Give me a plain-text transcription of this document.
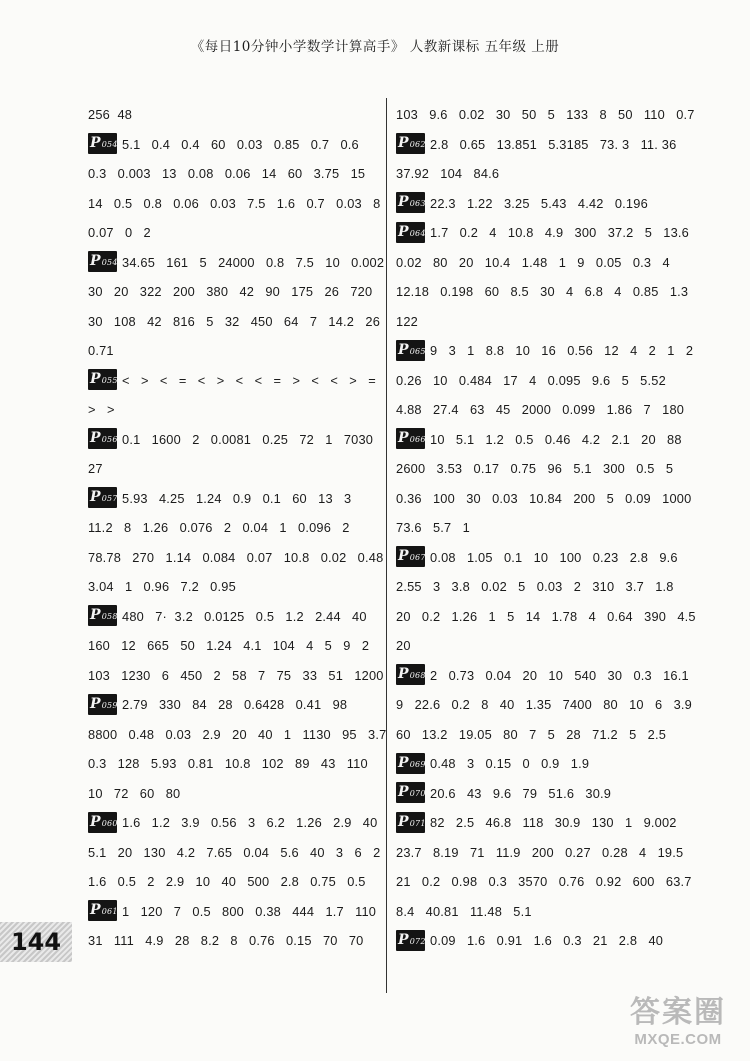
《每日10分钟小学数学计算高手》 人教新课标 五年级 上册
256  48
P054 5.1   0.4   0.4   60   0.03   0.85   0.7   0.6
0.3   0.003   13   0.08   0.06   14   60   3.75   15
14   0.5   0.8   0.06   0.03   7.5   1.6   0.7   0.03   8
0.07   0   2
P054 34.65   161   5   24000   0.8   7.5   10   0.002
30   20   322   200   380   42   90   175   26   720
30   108   42   816   5   32   450   64   7   14.2   26
0.71
P055 <   >   <   =   <   >   <   <   =   >   <   <   >   =
>   >
P056 0.1   1600   2   0.0081   0.25   72   1   7030
27
P057 5.93   4.25   1.24   0.9   0.1   60   13   3
11.2   8   1.26   0.076   2   0.04   1   0.096   2
78.78   270   1.14   0.084   0.07   10.8   0.02   0.48
3.04   1   0.96   7.2   0.95
P058 480   7·  3.2   0.0125   0.5   1.2   2.44   40
160   12   665   50   1.24   4.1   104   4   5   9   2
103   1230   6   450   2   58   7   75   33   51   1200
P059 2.79   330   84   28   0.6428   0.41   98
8800   0.48   0.03   2.9   20   40   1   1130   95   3.7
0.3   128   5.93   0.81   10.8   102   89   43   110
10   72   60   80
P060 1.6   1.2   3.9   0.56   3   6.2   1.26   2.9   40
5.1   20   130   4.2   7.65   0.04   5.6   40   3   6   2
1.6   0.5   2   2.9   10   40   500   2.8   0.75   0.5
P061 1   120   7   0.5   800   0.38   444   1.7   110
31   111   4.9   28   8.2   8   0.76   0.15   70   70
103   9.6   0.02   30   50   5   133   8   50   110   0.7
P062 2.8   0.65   13.851   5.3185   73. 3   11. 36
37.92   104   84.6
P063 22.3   1.22   3.25   5.43   4.42   0.196
P064 1.7   0.2   4   10.8   4.9   300   37.2   5   13.6
0.02   80   20   10.4   1.48   1   9   0.05   0.3   4
12.18   0.198   60   8.5   30   4   6.8   4   0.85   1.3
122
P065 9   3   1   8.8   10   16   0.56   12   4   2   1   2
0.26   10   0.484   17   4   0.095   9.6   5   5.52
4.88   27.4   63   45   2000   0.099   1.86   7   180
P066 10   5.1   1.2   0.5   0.46   4.2   2.1   20   88
2600   3.53   0.17   0.75   96   5.1   300   0.5   5
0.36   100   30   0.03   10.84   200   5   0.09   1000
73.6   5.7   1
P067 0.08   1.05   0.1   10   100   0.23   2.8   9.6
2.55   3   3.8   0.02   5   0.03   2   310   3.7   1.8
20   0.2   1.26   1   5   14   1.78   4   0.64   390   4.5
20
P068 2   0.73   0.04   20   10   540   30   0.3   16.1
9   22.6   0.2   8   40   1.35   7400   80   10   6   3.9
60   13.2   19.05   80   7   5   28   71.2   5   2.5
P069 0.48   3   0.15   0   0.9   1.9
P070 20.6   43   9.6   79   51.6   30.9
P071 82   2.5   46.8   118   30.9   130   1   9.002
23.7   8.19   71   11.9   200   0.27   0.28   4   19.5
21   0.2   0.98   0.3   3570   0.76   0.92   600   63.7
8.4   40.81   11.48   5.1
P072 0.09   1.6   0.91   1.6   0.3   21   2.8   40
144
答案圈
MXQE.COM
